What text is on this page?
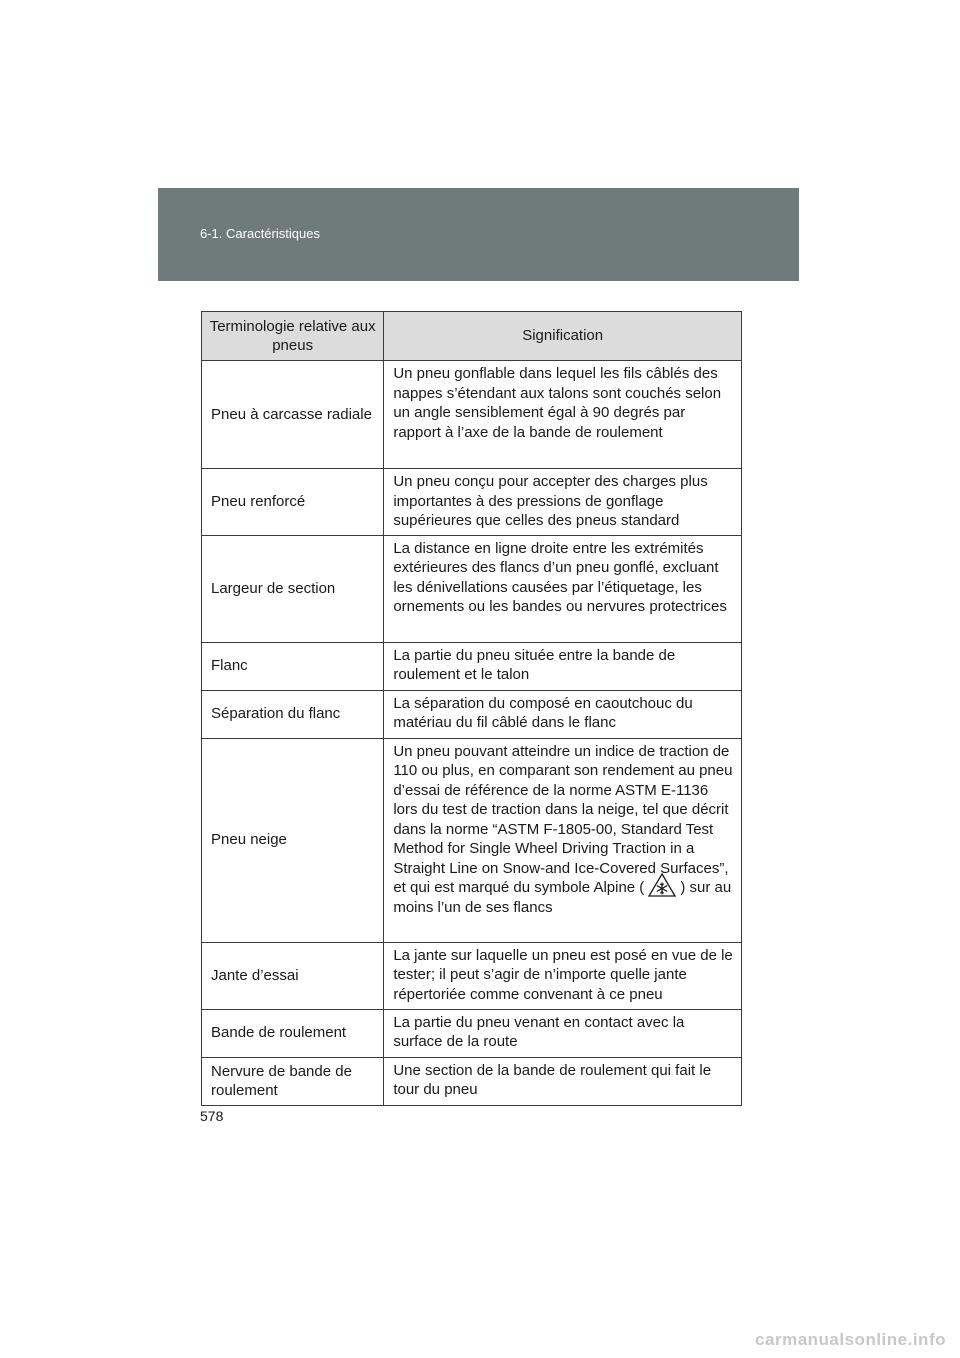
6-1. Caractéristiques
Terminologie relative aux pneus	Signification
Pneu à carcasse radiale	Un pneu gonflable dans lequel les fils câblés des nappes s’étendant aux talons sont couchés selon un angle sensiblement égal à 90 degrés par rapport à l’axe de la bande de roulement
Pneu renforcé	Un pneu conçu pour accepter des charges plus importantes à des pressions de gonflage supérieures que celles des pneus standard
Largeur de section	La distance en ligne droite entre les extrémités extérieures des flancs d’un pneu gonflé, excluant les dénivellations causées par l’étiquetage, les ornements ou les bandes ou nervures protectrices
Flanc	La partie du pneu située entre la bande de roulement et le talon
Séparation du flanc	La séparation du composé en caoutchouc du matériau du fil câblé dans le flanc
Pneu neige	Un pneu pouvant atteindre un indice de traction de 110 ou plus, en comparant son rendement au pneu d’essai de référence de la norme ASTM E-1136 lors du test de traction dans la neige, tel que décrit dans la norme “ASTM F-1805-00, Standard Test Method for Single Wheel Driving Traction in a Straight Line on Snow-and Ice-Covered Surfaces”, et qui est marqué du symbole Alpine ( ) sur au moins l’un de ses flancs
Jante d’essai	La jante sur laquelle un pneu est posé en vue de le tester; il peut s’agir de n’importe quelle jante répertoriée comme convenant à ce pneu
Bande de roulement	La partie du pneu venant en contact avec la surface de la route
Nervure de bande de roulement	Une section de la bande de roulement qui fait le tour du pneu
578
carmanualsonline.info
